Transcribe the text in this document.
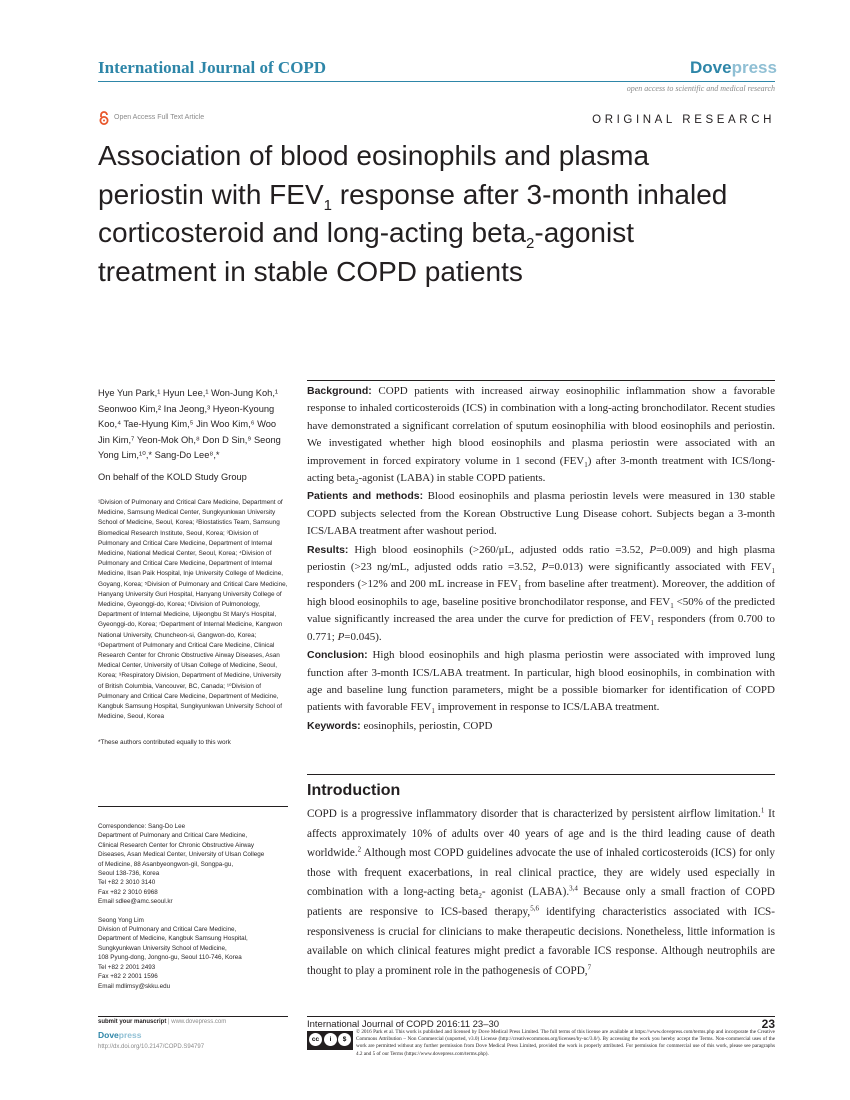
International Journal of COPD	Dovepress
open access to scientific and medical research
Open Access Full Text Article	ORIGINAL RESEARCH
Association of blood eosinophils and plasma periostin with $FEV_1$ response after 3-month inhaled corticosteroid and long-acting beta$_2$-agonist treatment in stable COPD patients
Hye Yun Park,¹ Hyun Lee,¹ Won-Jung Koh,¹ Seonwoo Kim,² Ina Jeong,³ Hyeon-Kyoung Koo,⁴ Tae-Hyung Kim,⁵ Jin Woo Kim,⁶ Woo Jin Kim,⁷ Yeon-Mok Oh,⁸ Don D Sin,⁹ Seong Yong Lim,¹⁰,* Sang-Do Lee⁸,*
On behalf of the KOLD Study Group
¹Division of Pulmonary and Critical Care Medicine, Department of Medicine, Samsung Medical Center, Sungkyunkwan University School of Medicine, Seoul, Korea; ²Biostatistics Team, Samsung Biomedical Research Institute, Seoul, Korea; ³Division of Pulmonary and Critical Care Medicine, Department of Internal Medicine, National Medical Center, Seoul, Korea; ⁴Division of Pulmonary and Critical Care Medicine, Department of Internal Medicine, Ilsan Paik Hospital, Inje University College of Medicine, Goyang, Korea; ⁵Division of Pulmonary and Critical Care Medicine, Hanyang University Guri Hospital, Hanyang University College of Medicine, Gyeonggi-do, Korea; ⁶Division of Pulmonology, Department of Internal Medicine, Uijeongbu St Mary's Hospital, Gyeonggi-do, Korea; ⁷Department of Internal Medicine, Kangwon National University, Chuncheon-si, Gangwon-do, Korea; ⁸Department of Pulmonary and Critical Care Medicine, Clinical Research Center for Chronic Obstructive Airway Diseases, Asan Medical Center, University of Ulsan College of Medicine, Seoul, Korea; ⁹Respiratory Division, Department of Medicine, University of British Columbia, Vancouver, BC, Canada; ¹⁰Division of Pulmonary and Critical Care Medicine, Department of Medicine, Kangbuk Samsung Hospital, Sungkyunkwan University School of Medicine, Seoul, Korea
*These authors contributed equally to this work
Correspondence: Sang-Do Lee
Department of Pulmonary and Critical Care Medicine,
Clinical Research Center for Chronic Obstructive Airway
Diseases, Asan Medical Center, University of Ulsan College
of Medicine, 88 Asanbyeongwon-gil, Songpa-gu,
Seoul 138-736, Korea
Tel +82 2 3010 3140
Fax +82 2 3010 6968
Email sdlee@amc.seoul.kr
Seong Yong Lim
Division of Pulmonary and Critical Care Medicine,
Department of Medicine, Kangbuk Samsung Hospital,
Sungkyunkwan University School of Medicine,
108 Pyung-dong, Jongno-gu, Seoul 110-746, Korea
Tel +82 2 2001 2493
Fax +82 2 2001 1596
Email mdlimsy@skku.edu

Background: COPD patients with increased airway eosinophilic inflammation show a favorable response to inhaled corticosteroids (ICS) in combination with a long-acting bronchodilator. Recent studies have demonstrated a significant correlation of sputum eosinophilia with blood eosinophils and periostin. We investigated whether high blood eosinophils and plasma periostin were associated with an improvement in forced expiratory volume in 1 second $(FEV_1)$ after 3-month treatment with ICS/long-acting beta$_2$-agonist (LABA) in stable COPD patients.

Patients and methods: Blood eosinophils and plasma periostin levels were measured in 130 stable COPD subjects selected from the Korean Obstructive Lung Disease cohort. Subjects began a 3-month ICS/LABA treatment after washout period.

Results: High blood eosinophils (>260/μL, adjusted odds ratio =3.52, P=0.009) and high plasma periostin (>23 ng/mL, adjusted odds ratio =3.52, P=0.013) were significantly associated with $FEV_1$ responders (>12% and 200 mL increase in $FEV_1$ from baseline after treatment). Moreover, the addition of high blood eosinophils to age, baseline positive bronchodilator response, and $FEV_1 <50\%$ of the predicted value significantly increased the area under the curve for prediction of $FEV_1$ responders (from 0.700 to 0.771; P=0.045).

Conclusion: High blood eosinophils and high plasma periostin were associated with improved lung function after 3-month ICS/LABA treatment. In particular, high blood eosinophils, in combination with age and baseline lung function parameters, might be a possible biomarker for identification of COPD patients with favorable $FEV_1$ improvement in response to ICS/LABA treatment.

Keywords: eosinophils, periostin, COPD

Introduction
COPD is a progressive inflammatory disorder that is characterized by persistent airflow limitation.$^1$ It affects approximately 10% of adults over 40 years of age and is the third leading cause of death worldwide.$^2$ Although most COPD guidelines advocate the use of inhaled corticosteroids (ICS) for only those with frequent exacerbations, in real clinical practice, they are widely used especially in combination with a long-acting beta$_2$- agonist (LABA).$^{3,4}$ Because only a small fraction of COPD patients are responsive to ICS-based therapy,$^{5,6}$ identifying characteristics associated with ICS-responsiveness is crucial for clinicians to make therapeutic decisions. Nonetheless, little information is available on which clinical features might predict a favorable ICS response. Although neutrophils are thought to play a prominent role in the pathogenesis of COPD,$^7$
submit your manuscript | www.dovepress.com
Dovepress
http://dx.doi.org/10.2147/COPD.S94797
International Journal of COPD 2016:11 23–30	23
cc	i	$
© 2016 Park et al. This work is published and licensed by Dove Medical Press Limited. The full terms of this license are available at https://www.dovepress.com/terms.php and incorporate the Creative Commons Attribution – Non Commercial (unported, v3.0) License (http://creativecommons.org/licenses/by-nc/3.0/). By accessing the work you hereby accept the Terms. Non-commercial uses of the work are permitted without any further permission from Dove Medical Press Limited, provided the work is properly attributed. For permission for commercial use of this work, please see paragraphs 4.2 and 5 of our Terms (https://www.dovepress.com/terms.php).
